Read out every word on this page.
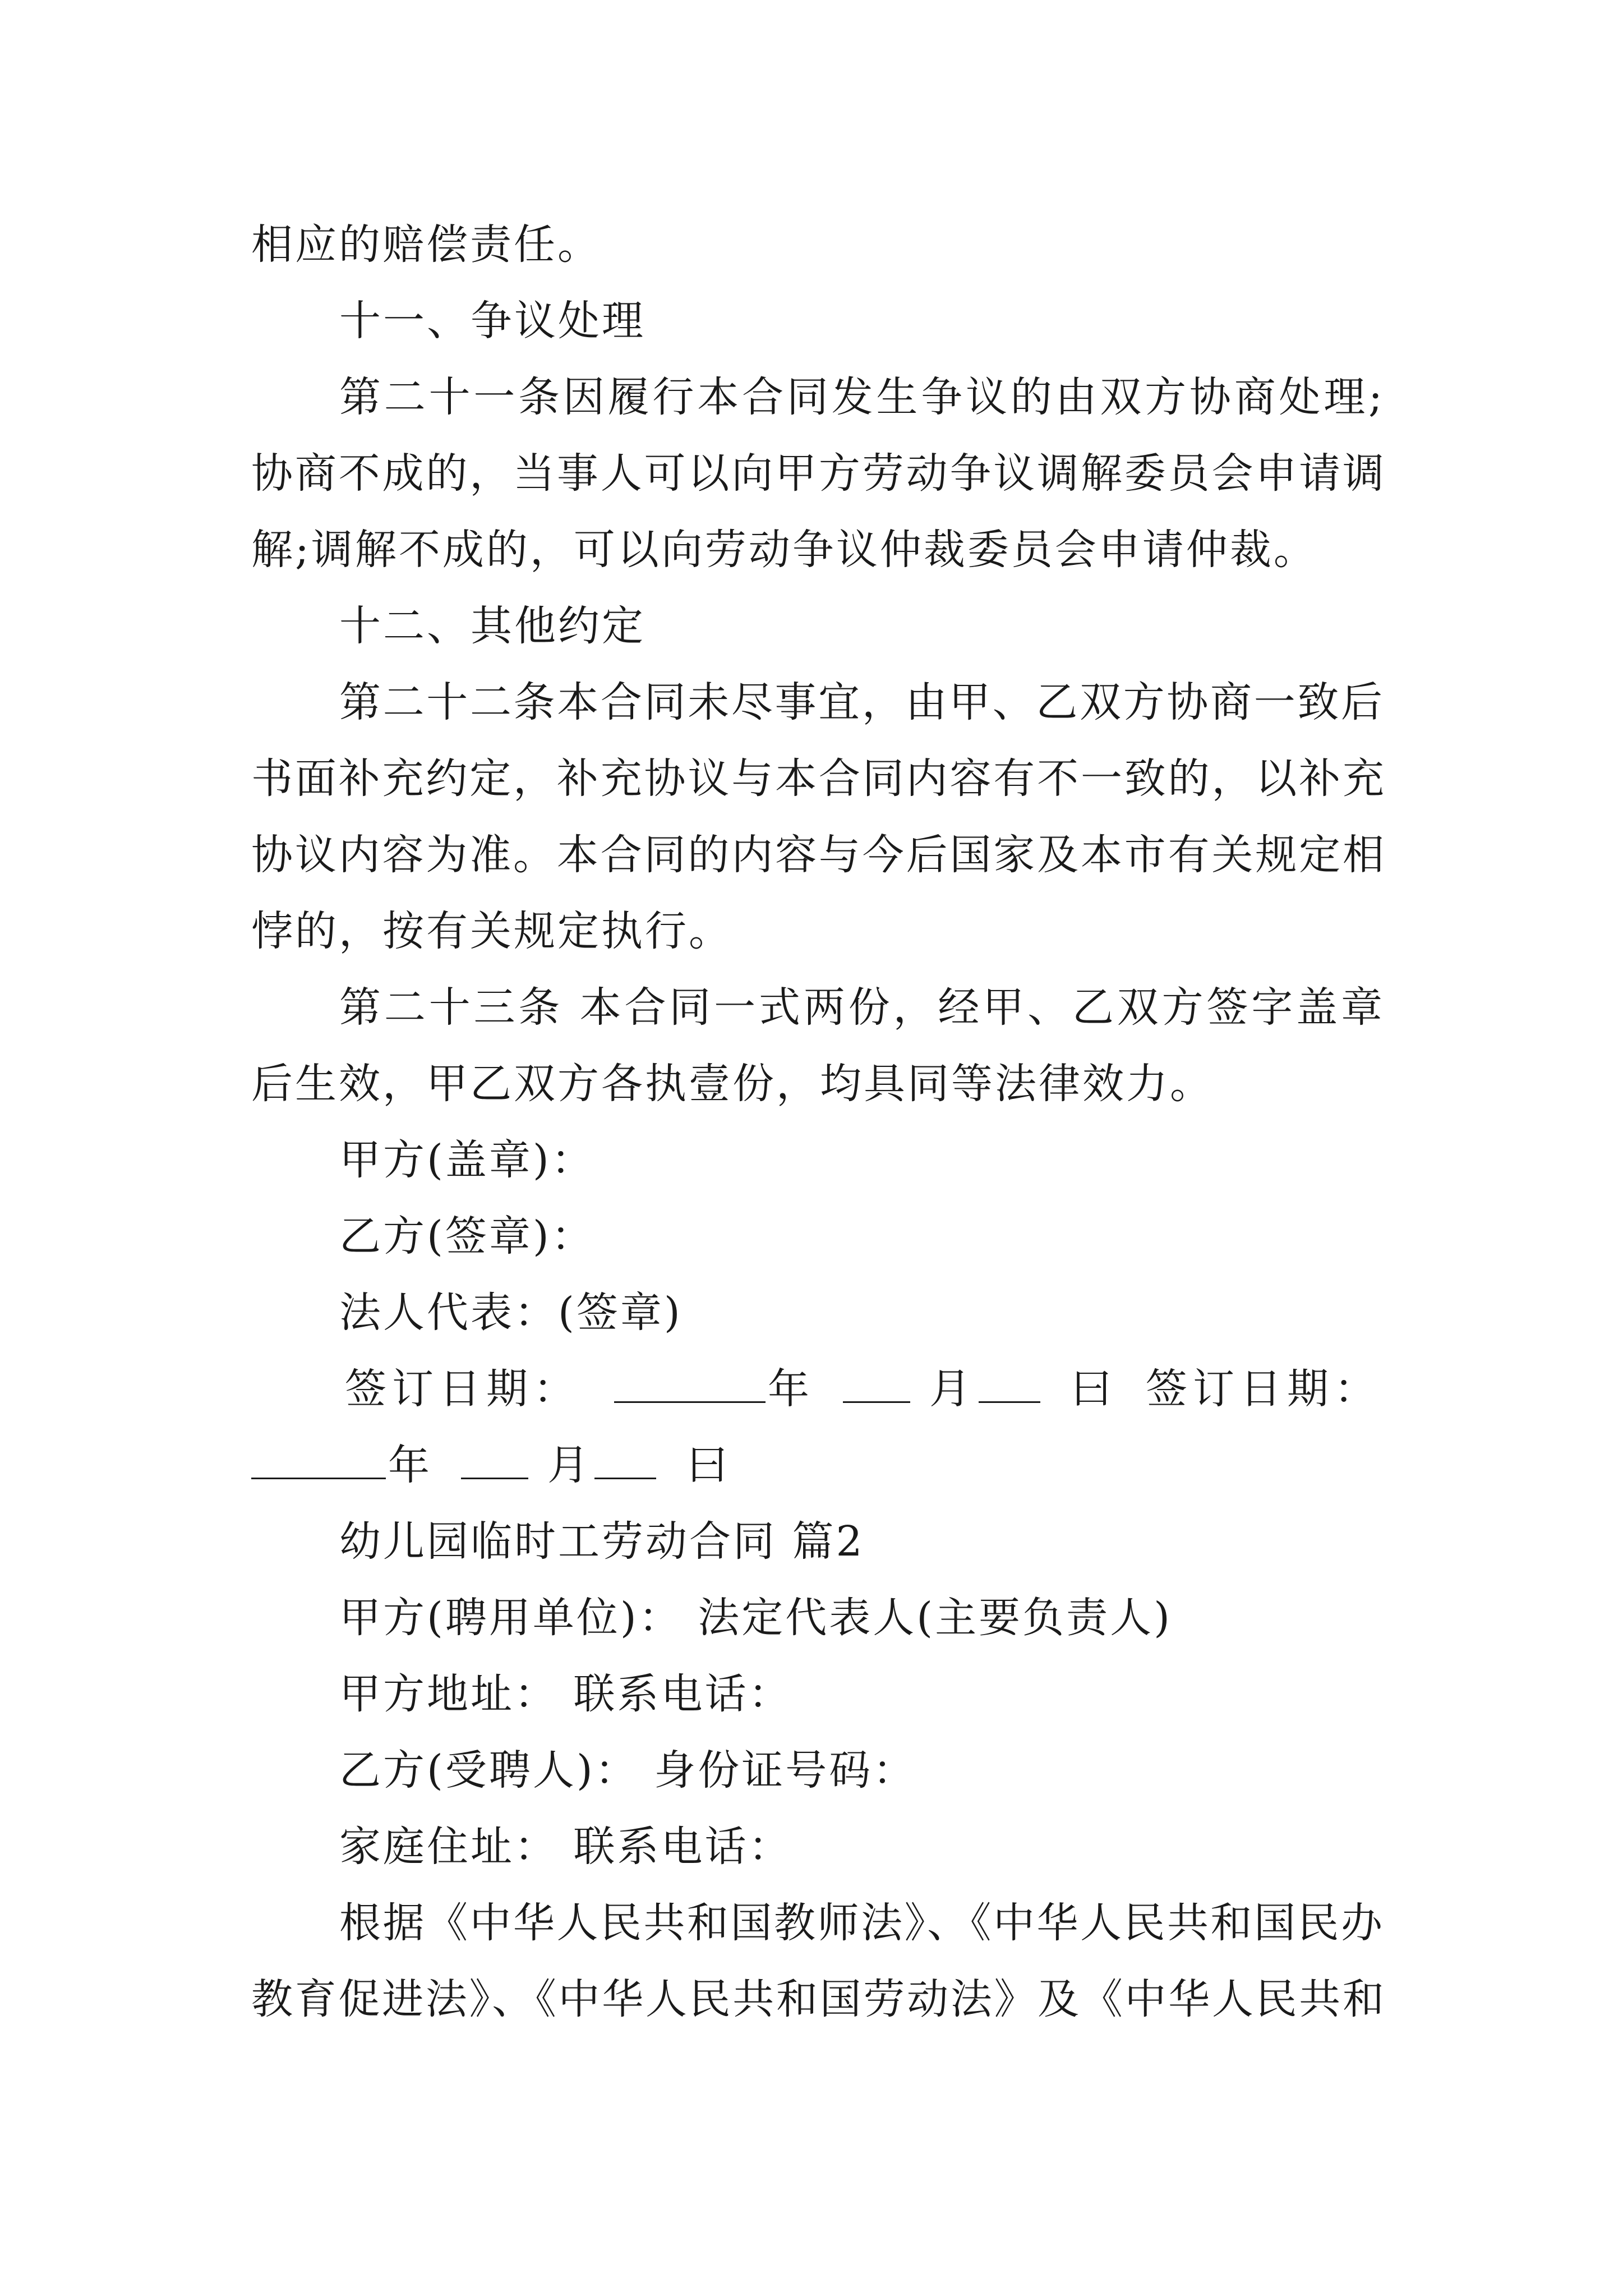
相应的赔偿责任。
十一、争议处理
第二十一条因履行本合同发生争议的由双方协商处理;
协商不成的，当事人可以向甲方劳动争议调解委员会申请调
解;调解不成的，可以向劳动争议仲裁委员会申请仲裁。
十二、其他约定
第二十二条本合同未尽事宜，由甲、乙双方协商一致后
书面补充约定，补充协议与本合同内容有不一致的，以补充
协议内容为准。本合同的内容与今后国家及本市有关规定相
悖的，按有关规定执行。
第二十三条 本合同一式两份，经甲、乙双方签字盖章
后生效，甲乙双方各执壹份，均具同等法律效力。
甲方(盖章)：
乙方(签章)：
法人代表：(签章)
签订日期：	年	月 曰 签订日期：
年	月 曰
幼儿园临时工劳动合同 篇2
甲方(聘用单位)： 法定代表人(主要负责人)
甲方地址： 联系电话：
乙方(受聘人)： 身份证号码：
家庭住址： 联系电话：
根据《中华人民共和国教师法》、《中华人民共和国民办
教育促进法》、《中华人民共和国劳动法》及《中华人民共和
